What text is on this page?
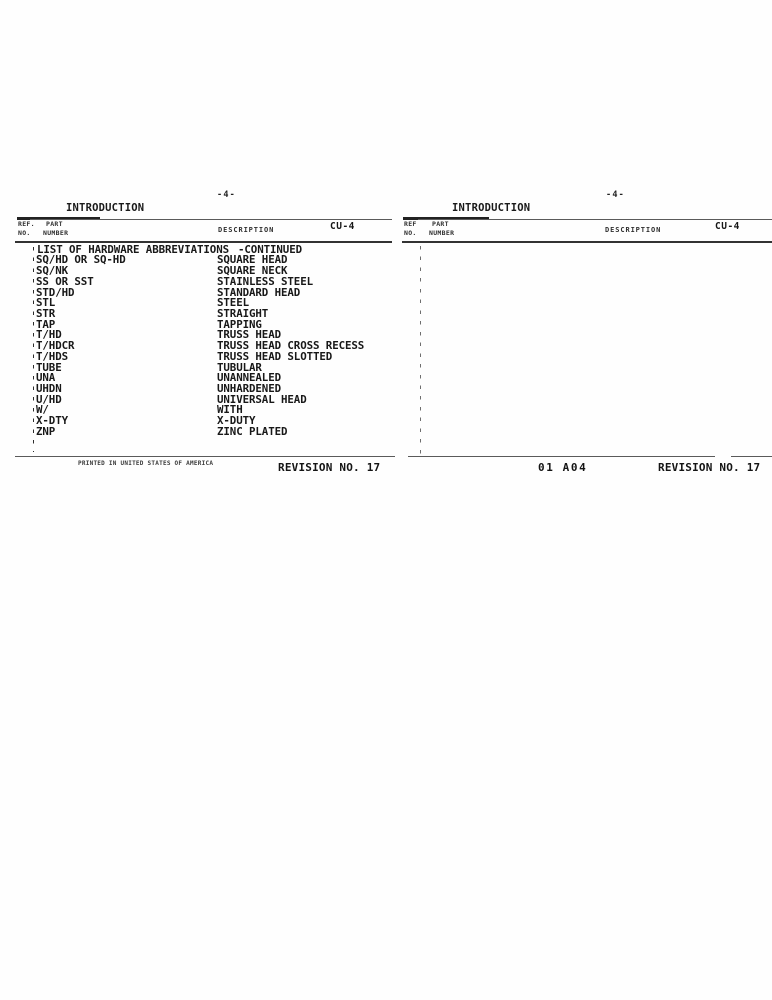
-4-
INTRODUCTION
REF.
NO.
PART
NUMBER	DESCRIPTION	CU-4
LIST OF HARDWARE ABBREVIATIONS -CONTINUED
SQ/HD OR SQ-HD	SQUARE HEAD
SQ/NK	SQUARE NECK
SS OR SST	STAINLESS STEEL
STD/HD	STANDARD HEAD
STL	STEEL
STR	STRAIGHT
TAP	TAPPING
T/HD	TRUSS HEAD
T/HDCR	TRUSS HEAD CROSS RECESS
T/HDS	TRUSS HEAD SLOTTED
TUBE	TUBULAR
UNA	UNANNEALED
UHDN	UNHARDENED
U/HD	UNIVERSAL HEAD
W/	WITH
X-DTY	X-DUTY
ZNP	ZINC PLATED
PRINTED IN UNITED STATES OF AMERICA	REVISION NO. 17
-4-
INTRODUCTION
REF
NO.
PART
NUMBER	DESCRIPTION	CU-4
01 A04	REVISION NO. 17
